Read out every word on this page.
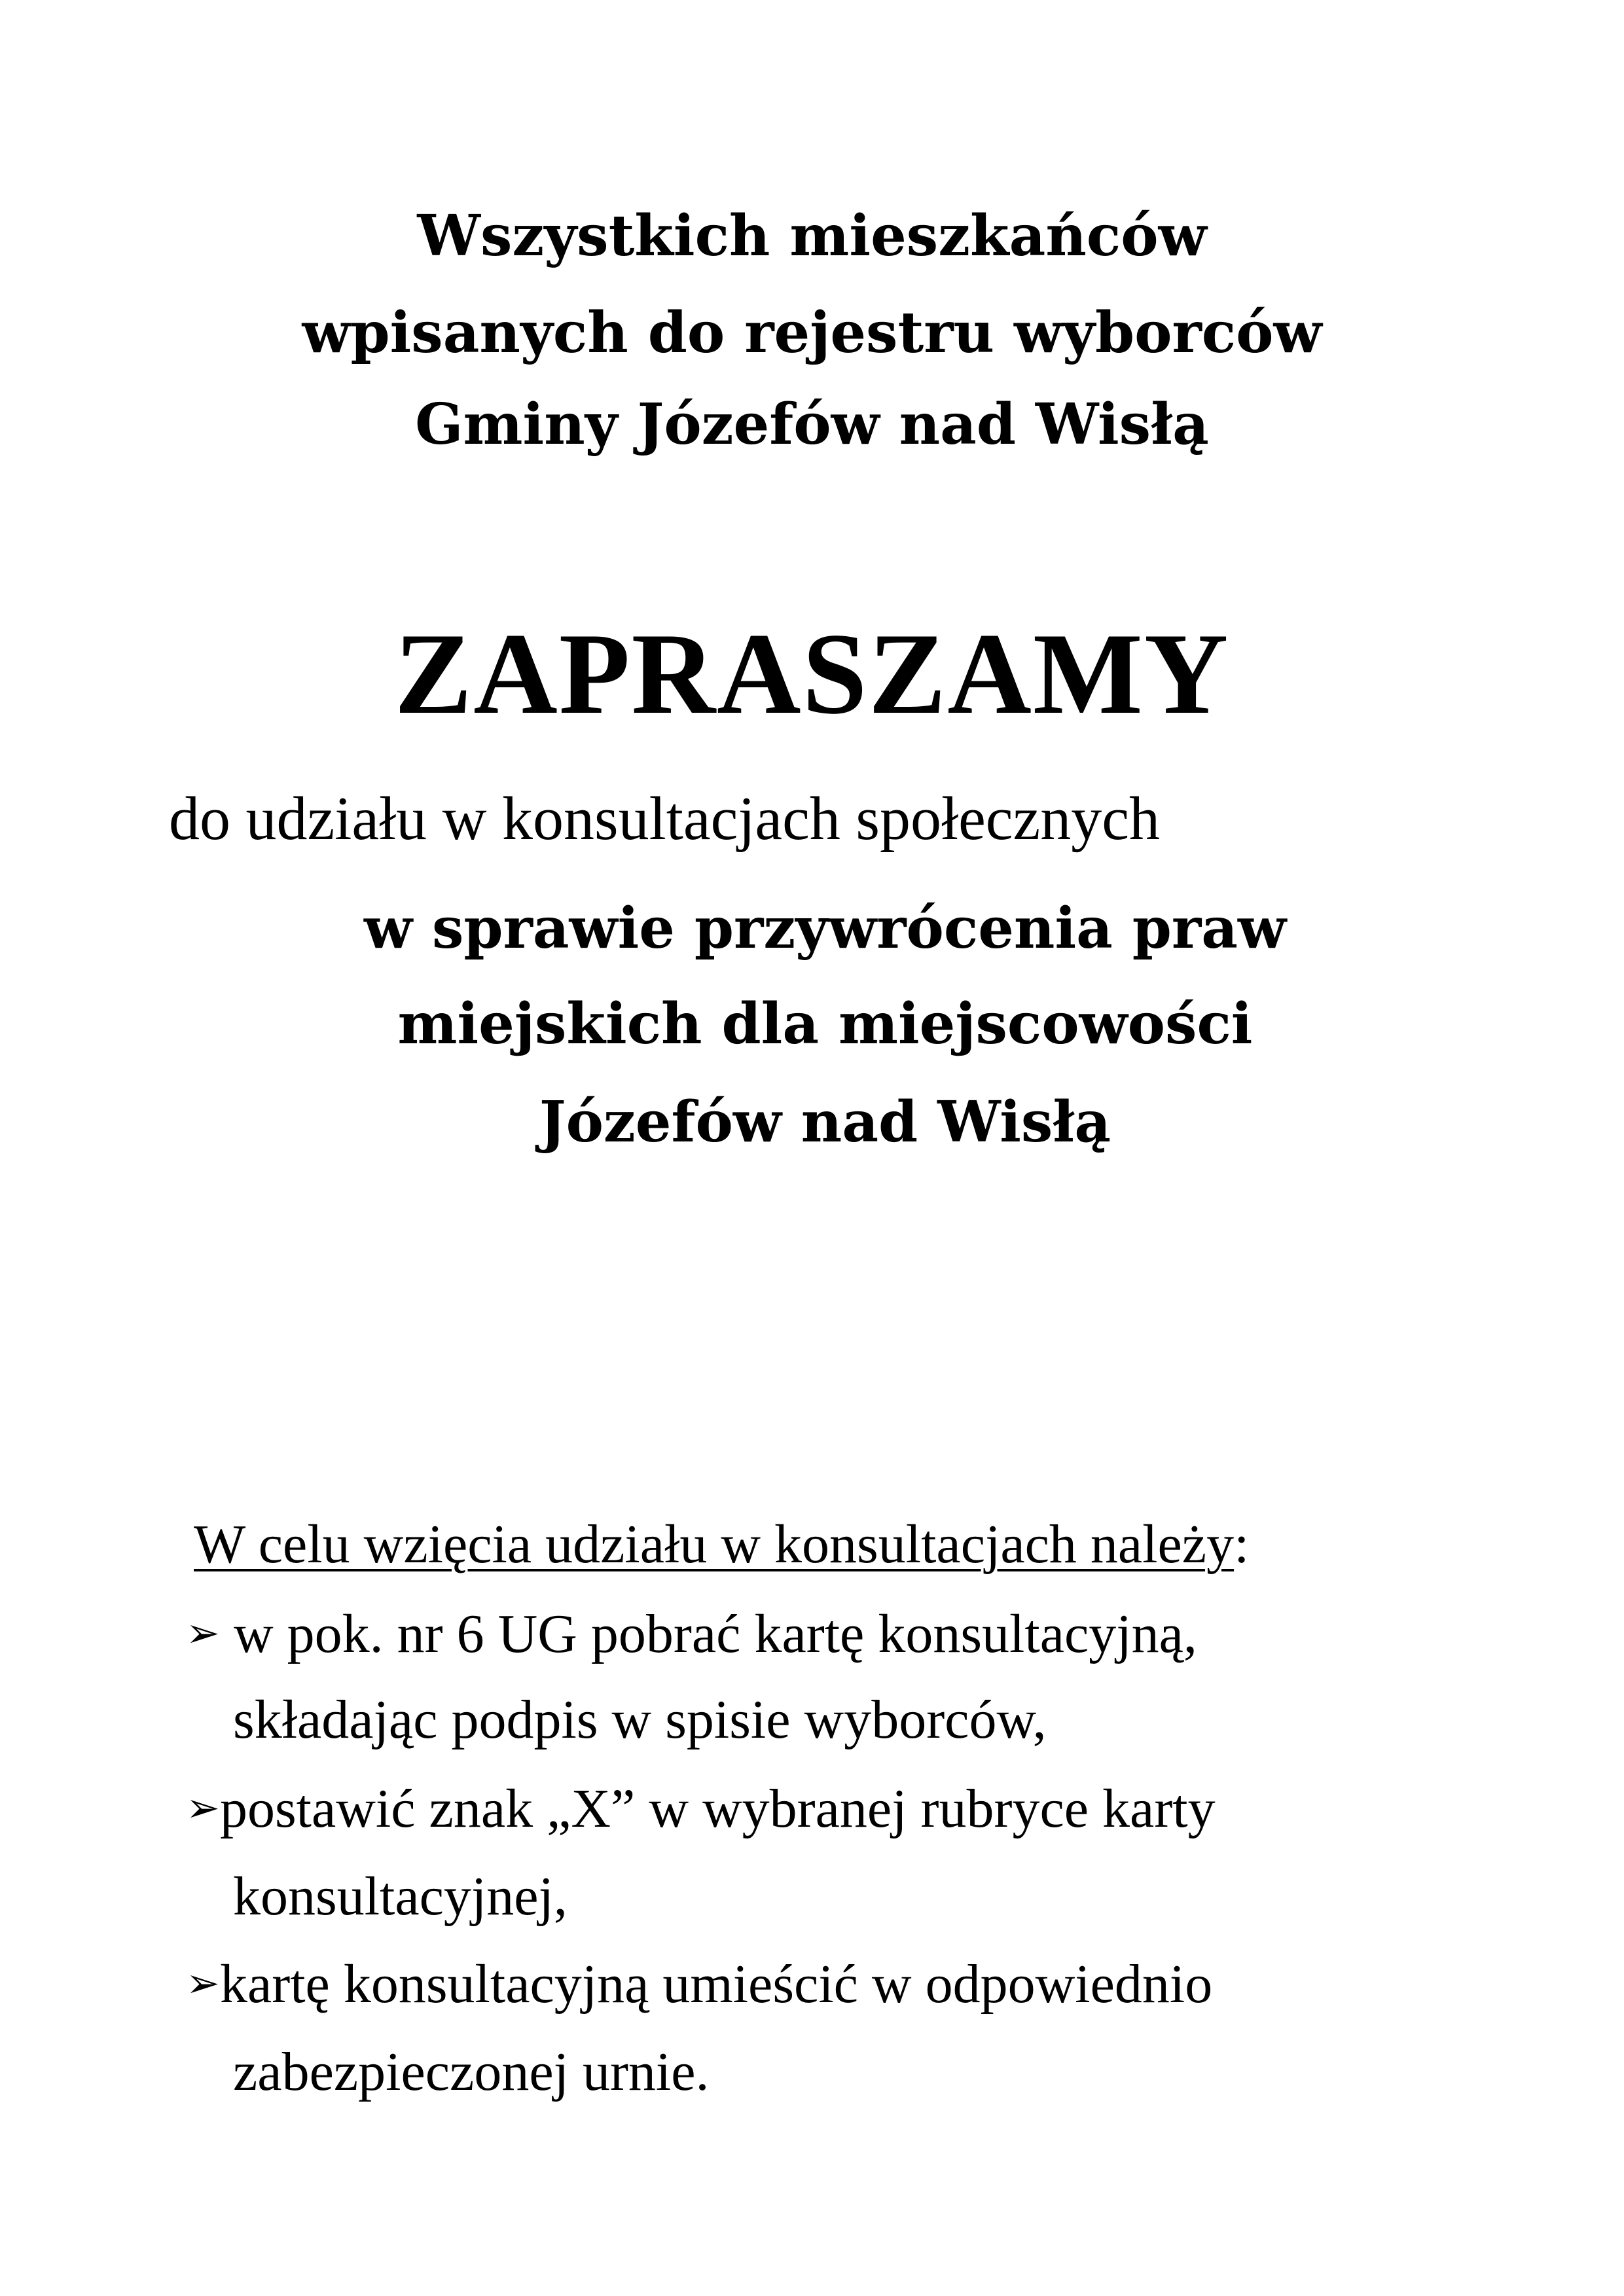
Wszystkich mieszkańców
wpisanych do rejestru wyborców
Gminy Józefów nad Wisłą
ZAPRASZAMY
do udziału w konsultacjach społecznych
w sprawie przywrócenia praw
miejskich dla miejscowości
Józefów nad Wisłą
W celu wzięcia udziału w konsultacjach należy:
➢ w pok. nr 6 UG pobrać kartę konsultacyjną,
składając podpis w spisie wyborców,
➢postawić znak „X” w wybranej rubryce karty
konsultacyjnej,
➢kartę konsultacyjną umieścić w odpowiednio
zabezpieczonej urnie.
